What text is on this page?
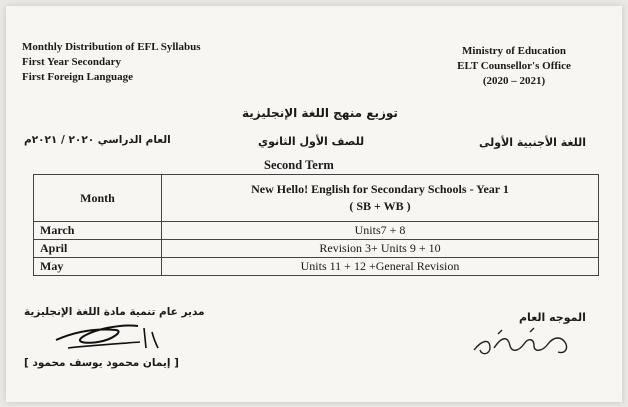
Monthly Distribution of EFL Syllabus
First Year Secondary
First Foreign Language
Ministry of Education
ELT Counsellor's Office
(2020 – 2021)
توزيع منهج اللغة الإنجليزية
العام الدراسي ٢٠٢٠ / ٢٠٢١م	للصف الأول الثانوي	اللغة الأجنبية الأولى
Second Term
Month	New Hello! English for Secondary Schools - Year 1
( SB + WB )

March	Units7 + 8
April	Revision 3+ Units 9 + 10
May	Units 11 + 12 +General Revision
مدير عام تنمية مادة اللغة الإنجليزية
[ إيمان محمود يوسف محمود ]
الموجه العام
